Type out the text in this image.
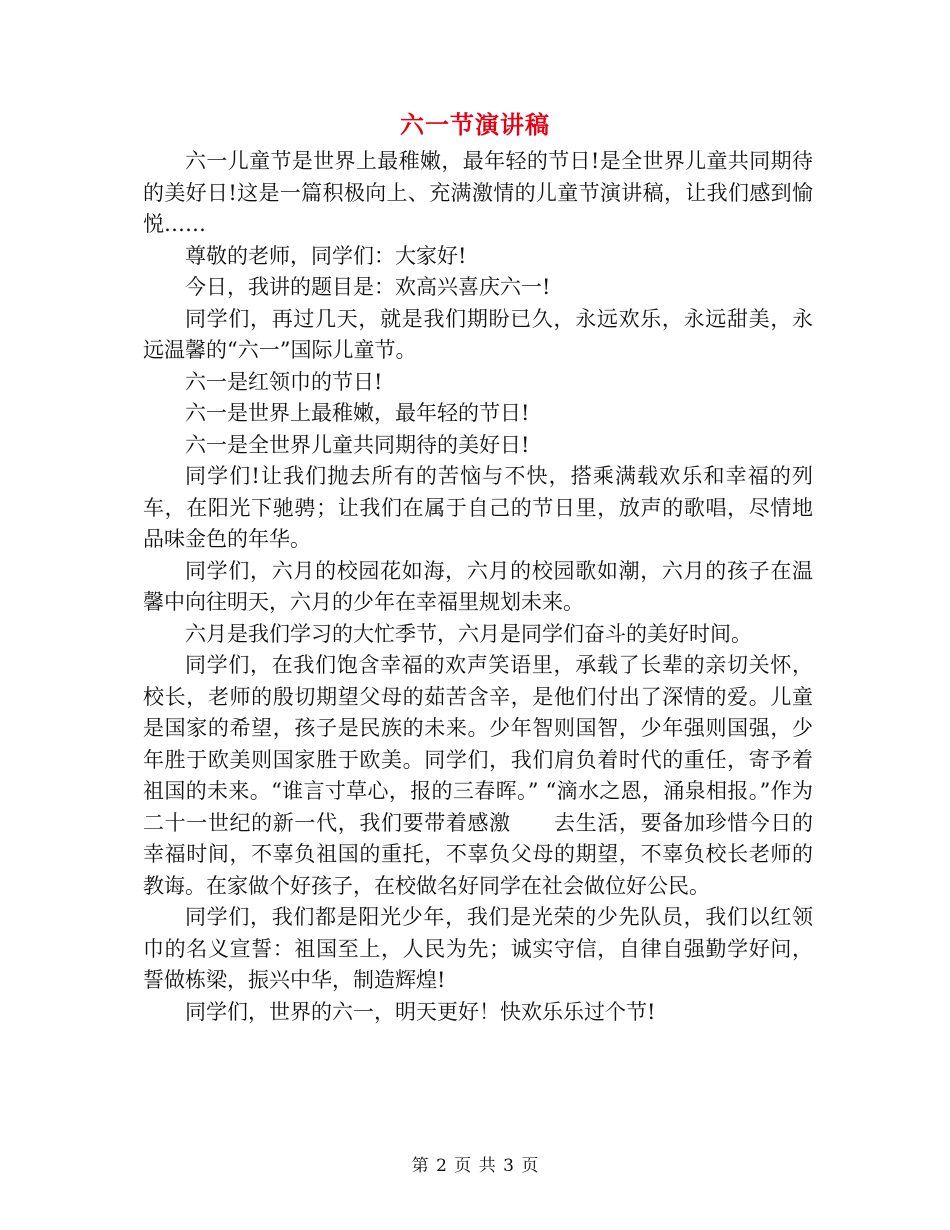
六一节演讲稿

六一儿童节是世界上最稚嫩，最年轻的节日!是全世界儿童共同期待的美好日!这是一篇积极向上、充满激情的儿童节演讲稿，让我们感到愉悦……

尊敬的老师，同学们：大家好!

今日，我讲的题目是：欢高兴喜庆六一!

同学们，再过几天，就是我们期盼已久，永远欢乐，永远甜美，永远温馨的“六一”国际儿童节。

六一是红领巾的节日!

六一是世界上最稚嫩，最年轻的节日!

六一是全世界儿童共同期待的美好日!

同学们!让我们抛去所有的苦恼与不快，搭乘满载欢乐和幸福的列车，在阳光下驰骋；让我们在属于自己的节日里，放声的歌唱，尽情地品味金色的年华。

同学们，六月的校园花如海，六月的校园歌如潮，六月的孩子在温馨中向往明天，六月的少年在幸福里规划未来。

六月是我们学习的大忙季节，六月是同学们奋斗的美好时间。

同学们，在我们饱含幸福的欢声笑语里，承载了长辈的亲切关怀，校长，老师的殷切期望父母的茹苦含辛，是他们付出了深情的爱。儿童是国家的希望，孩子是民族的未来。少年智则国智，少年强则国强，少年胜于欧美则国家胜于欧美。同学们，我们肩负着时代的重任，寄予着祖国的未来。“谁言寸草心，报的三春晖。” “滴水之恩，涌泉相报。”作为二十一世纪的新一代，我们要带着感激　　去生活，要备加珍惜今日的幸福时间，不辜负祖国的重托，不辜负父母的期望，不辜负校长老师的教诲。在家做个好孩子，在校做名好同学在社会做位好公民。

同学们，我们都是阳光少年，我们是光荣的少先队员，我们以红领巾的名义宣誓：祖国至上，人民为先；诚实守信，自律自强勤学好问，誓做栋梁，振兴中华，制造辉煌!

同学们，世界的六一，明天更好！快欢乐乐过个节!

第 2 页 共 3 页
